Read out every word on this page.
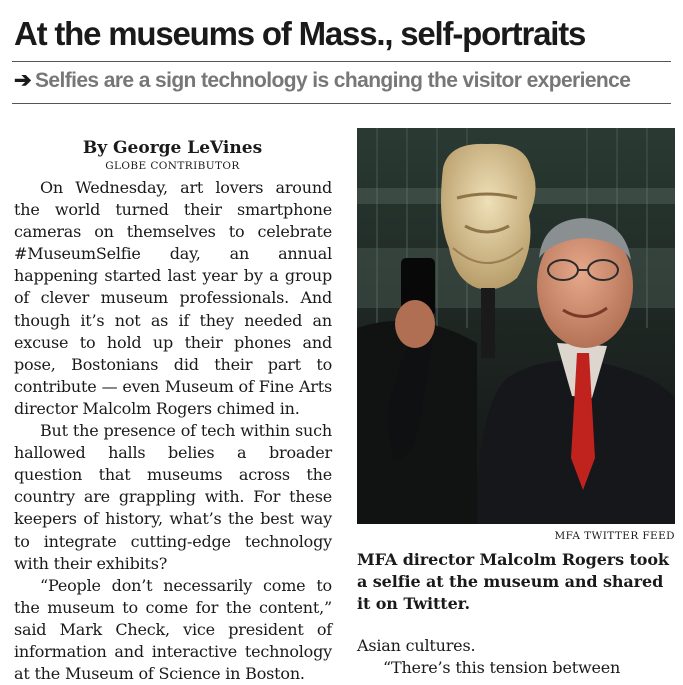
At the museums of Mass., self-portraits
➔ Selfies are a sign technology is changing the visitor experience
By George LeVines
GLOBE CONTRIBUTOR

On Wednesday, art lovers around the world turned their smartphone cameras on themselves to celebrate #MuseumSelfie day, an annual happening started last year by a group of clever museum professionals. And though it’s not as if they needed an excuse to hold up their phones and pose, Bostonians did their part to contribute — even Museum of Fine Arts director Malcolm Rogers chimed in.

But the presence of tech within such hallowed halls belies a broader question that museums across the country are grappling with. For these keepers of history, what’s the best way to integrate cutting-edge technology with their exhibits?

“People don’t necessarily come to the museum to come for the content,” said Mark Check, vice president of information and interactive technology at the Museum of Science in Boston.

MFA TWITTER FEED
MFA director Malcolm Rogers took a selfie at the museum and shared it on Twitter.

Asian cultures.

“There’s this tension between
